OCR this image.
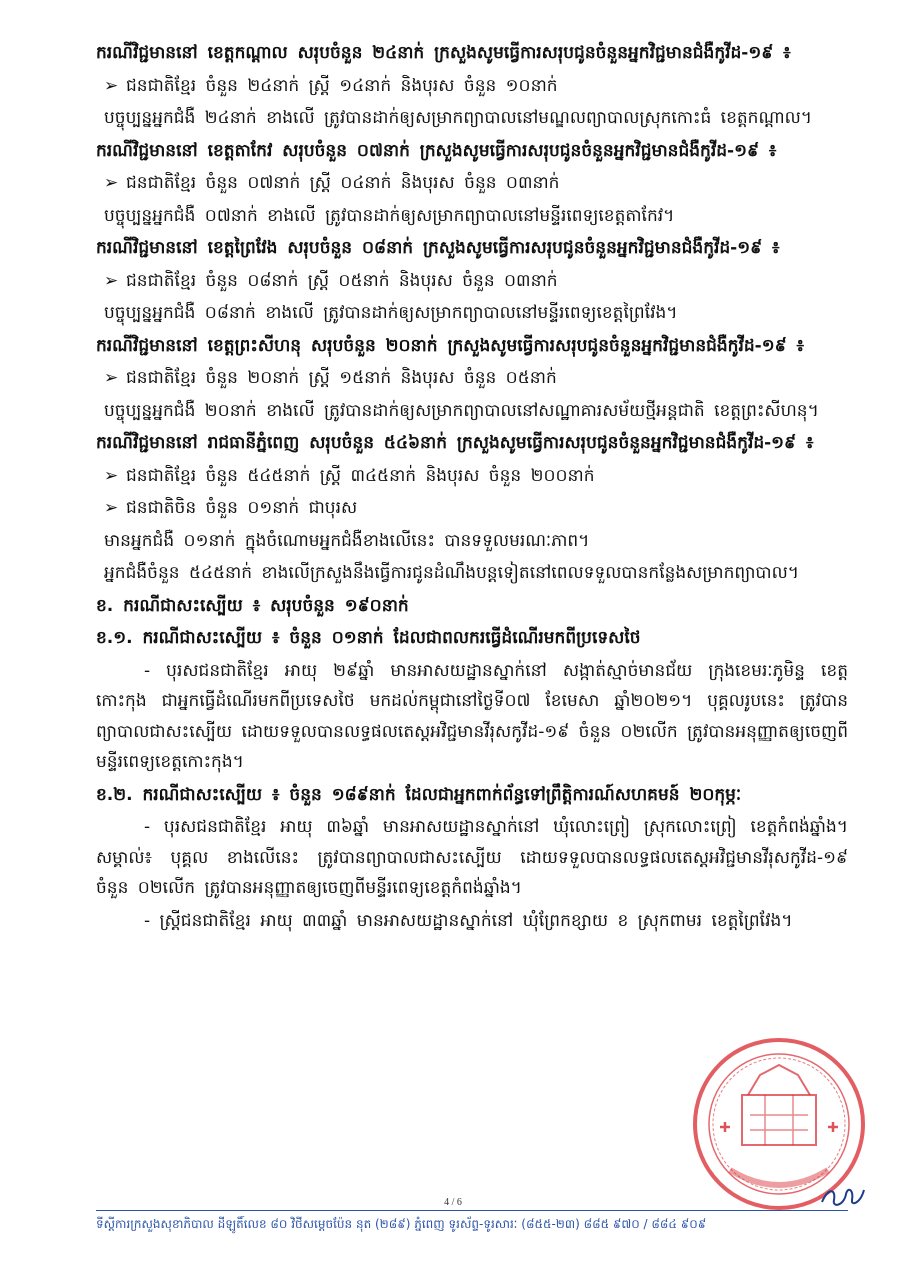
ករណីវិជ្ជមាននៅ ខេត្តកណ្តាល សរុបចំនួន ២៤នាក់ ក្រសួងសូមធ្វើការសរុបជូនចំនួនអ្នកវិជ្ជមានជំងឺកូវីដ-១៩ ៖

➢ ជនជាតិខ្មែរ ចំនួន ២៤នាក់ ស្ត្រី ១៤នាក់ និងបុរស ចំនួន ១០នាក់

បច្ចុប្បន្នអ្នកជំងឺ ២៤នាក់ ខាងលើ ត្រូវបានដាក់ឲ្យសម្រាកព្យាបាលនៅមណ្ឌលព្យាបាលស្រុកកោះធំ ខេត្តកណ្តាល។

ករណីវិជ្ជមាននៅ ខេត្តតាកែវ សរុបចំនួន ០៧នាក់ ក្រសួងសូមធ្វើការសរុបជូនចំនួនអ្នកវិជ្ជមានជំងឺកូវីដ-១៩ ៖

➢ ជនជាតិខ្មែរ ចំនួន ០៧នាក់ ស្ត្រី ០៤នាក់ និងបុរស ចំនួន ០៣នាក់

បច្ចុប្បន្នអ្នកជំងឺ ០៧នាក់ ខាងលើ ត្រូវបានដាក់ឲ្យសម្រាកព្យាបាលនៅមន្ទីរពេទ្យខេត្តតាកែវ។

ករណីវិជ្ជមាននៅ ខេត្តព្រៃវែង សរុបចំនួន ០៨នាក់ ក្រសួងសូមធ្វើការសរុបជូនចំនួនអ្នកវិជ្ជមានជំងឺកូវីដ-១៩ ៖

➢ ជនជាតិខ្មែរ ចំនួន ០៨នាក់ ស្ត្រី ០៥នាក់ និងបុរស ចំនួន ០៣នាក់

បច្ចុប្បន្នអ្នកជំងឺ ០៨នាក់ ខាងលើ ត្រូវបានដាក់ឲ្យសម្រាកព្យាបាលនៅមន្ទីរពេទ្យខេត្តព្រៃវែង។

ករណីវិជ្ជមាននៅ ខេត្តព្រះសីហនុ សរុបចំនួន ២០នាក់ ក្រសួងសូមធ្វើការសរុបជូនចំនួនអ្នកវិជ្ជមានជំងឺកូវីដ-១៩ ៖

➢ ជនជាតិខ្មែរ ចំនួន ២០នាក់ ស្ត្រី ១៥នាក់ និងបុរស ចំនួន ០៥នាក់

បច្ចុប្បន្នអ្នកជំងឺ ២០នាក់ ខាងលើ ត្រូវបានដាក់ឲ្យសម្រាកព្យាបាលនៅសណ្ឋាគារសម័យថ្មីអន្តជាតិ ខេត្តព្រះសីហនុ។

ករណីវិជ្ជមាននៅ រាជធានីភ្នំពេញ សរុបចំនួន ៥៤៦នាក់ ក្រសួងសូមធ្វើការសរុបជូនចំនួនអ្នកវិជ្ជមានជំងឺកូវីដ-១៩ ៖

➢ ជនជាតិខ្មែរ ចំនួន ៥៤៥នាក់ ស្ត្រី ៣៤៥នាក់ និងបុរស ចំនួន ២០០នាក់

➢ ជនជាតិចិន ចំនួន ០១នាក់ ជាបុរស

មានអ្នកជំងឺ ០១នាក់ ក្នុងចំណោមអ្នកជំងឺខាងលើនេះ បានទទួលមរណៈភាព។

អ្នកជំងឺចំនួន ៥៤៥នាក់ ខាងលើក្រសួងនឹងធ្វើការជូនដំណឹងបន្តទៀតនៅពេលទទួលបានកន្លែងសម្រាកព្យាបាល។

ខ. ករណីជាសះស្បើយ ៖ សរុបចំនួន ១៩០នាក់

ខ.១. ករណីជាសះស្បើយ ៖ ចំនួន ០១នាក់ ដែលជាពលករធ្វើដំណើរមកពីប្រទេសថៃ

- បុរសជនជាតិខ្មែរ អាយុ ២៩ឆ្នាំ មានអាសយដ្ឋានស្នាក់នៅ សង្កាត់ស្មាច់មានជ័យ ក្រុងខេមរៈភូមិន្ទ ខេត្តកោះកុង ជាអ្នកធ្វើដំណើរមកពីប្រទេសថៃ មកដល់កម្ពុជានៅថ្ងៃទី០៧ ខែមេសា ឆ្នាំ២០២១។ បុគ្គលរូបនេះ ត្រូវបានព្យាបាលជាសះស្បើយ ដោយទទួលបានលទ្ធផលតេស្តអវិជ្ជមានវីរុសកូវីដ-១៩ ចំនួន ០២លើក ត្រូវបានអនុញ្ញាតឲ្យចេញពីមន្ទីរពេទ្យខេត្តកោះកុង។

ខ.២. ករណីជាសះស្បើយ ៖ ចំនួន ១៨៩នាក់ ដែលជាអ្នកពាក់ព័ន្ធទៅព្រឹត្តិការណ៍សហគមន៍ ២០កុម្ភៈ

- បុរសជនជាតិខ្មែរ អាយុ ៣៦ឆ្នាំ មានអាសយដ្ឋានស្នាក់នៅ ឃុំលោះព្រៀ ស្រុកលោះព្រៀ ខេត្តកំពង់ឆ្នាំង។ សម្គាល់៖ បុគ្គល ខាងលើនេះ ត្រូវបានព្យាបាលជាសះស្បើយ ដោយទទួលបានលទ្ធផលតេស្តអវិជ្ជមានវីរុសកូវីដ-១៩ ចំនួន ០២លើក ត្រូវបានអនុញ្ញាតឲ្យចេញពីមន្ទីរពេទ្យខេត្តកំពង់ឆ្នាំង។

- ស្ត្រីជនជាតិខ្មែរ អាយុ ៣៣ឆ្នាំ មានអាសយដ្ឋានស្នាក់នៅ ឃុំព្រែកខ្សាយ ខ ស្រុកពាមរ ខេត្តព្រៃវែង។

4 / 6
ទីស្តីការក្រសួងសុខាភិបាល ដីឡូតិ៍លេខ ៨០ វិថីសម្តេចប៉ែន នុត (២៨៩) ភ្នំពេញ ទូរស័ព្ទ-ទូរសារៈ (៨៥៥-២៣) ៨៨៥ ៩៧០ / ៨៨៤ ៩០៩
